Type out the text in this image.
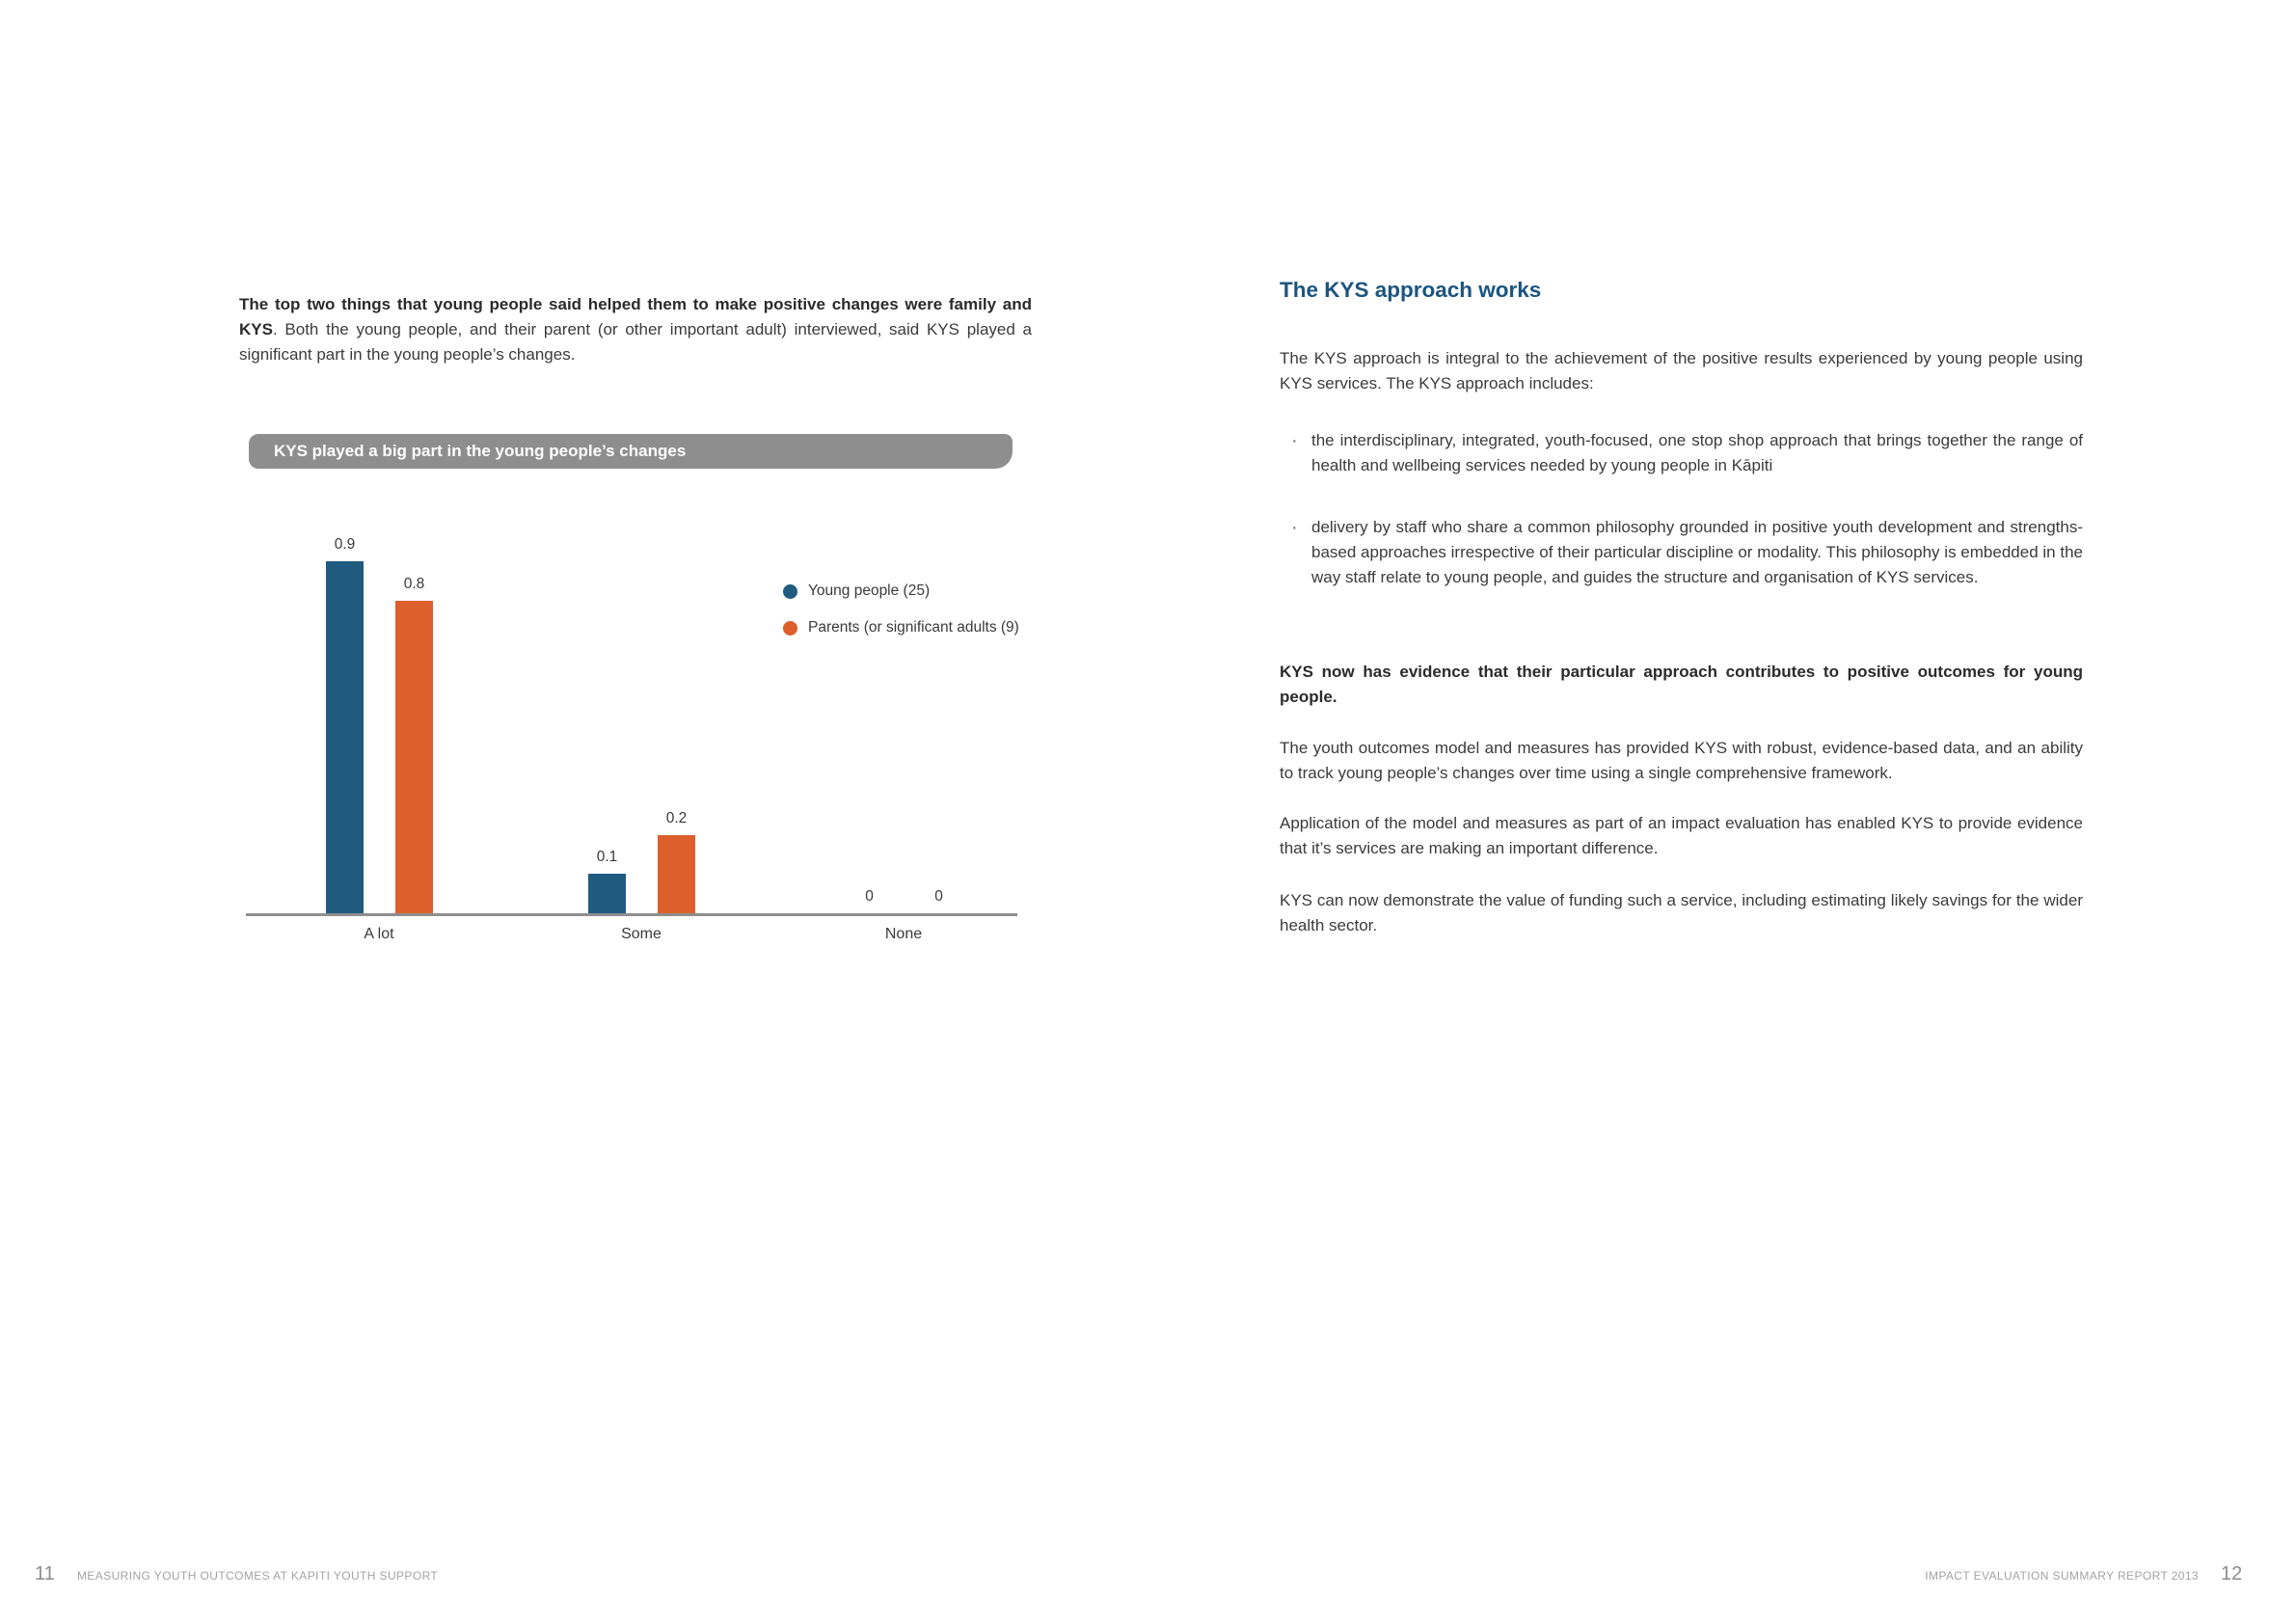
The top two things that young people said helped them to make positive changes were family and KYS. Both the young people, and their parent (or other important adult) interviewed, said KYS played a significant part in the young people’s changes.

KYS played a big part in the young people’s changes
A lot
0.9
0.8
Some
0.1
0.2
None
0	0
Young people (25)
Parents (or significant adults (9)
11 MEASURING YOUTH OUTCOMES AT KAPITI YOUTH SUPPORT
The KYS approach works

The KYS approach is integral to the achievement of the positive results experienced by young people using KYS services. The KYS approach includes:

· the interdisciplinary, integrated, youth-focused, one stop shop approach that brings together the range of health and wellbeing services needed by young people in Kāpiti
· delivery by staff who share a common philosophy grounded in positive youth development and strengths-based approaches irrespective of their particular discipline or modality. This philosophy is embedded in the way staff relate to young people, and guides the structure and organisation of KYS services.

KYS now has evidence that their particular approach contributes to positive outcomes for young people.

The youth outcomes model and measures has provided KYS with robust, evidence-based data, and an ability to track young people’s changes over time using a single comprehensive framework.

Application of the model and measures as part of an impact evaluation has enabled KYS to provide evidence that it’s services are making an important difference.

KYS can now demonstrate the value of funding such a service, including estimating likely savings for the wider health sector.

IMPACT EVALUATION SUMMARY REPORT 2013 12
